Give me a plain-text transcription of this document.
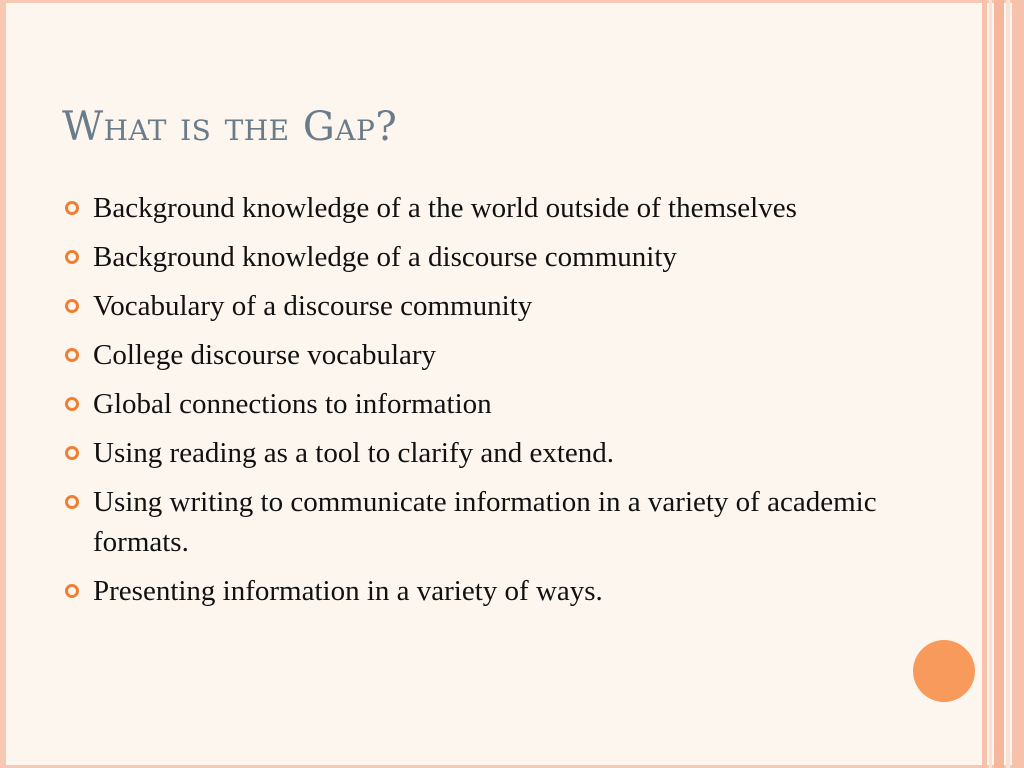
What is the Gap?
Background knowledge of a the world outside of themselves
Background knowledge of a discourse community
Vocabulary of a discourse community
College discourse vocabulary
Global connections to information
Using reading as a tool to clarify and extend.
Using writing to communicate information in a variety of academic formats.
Presenting information in a variety of ways.
